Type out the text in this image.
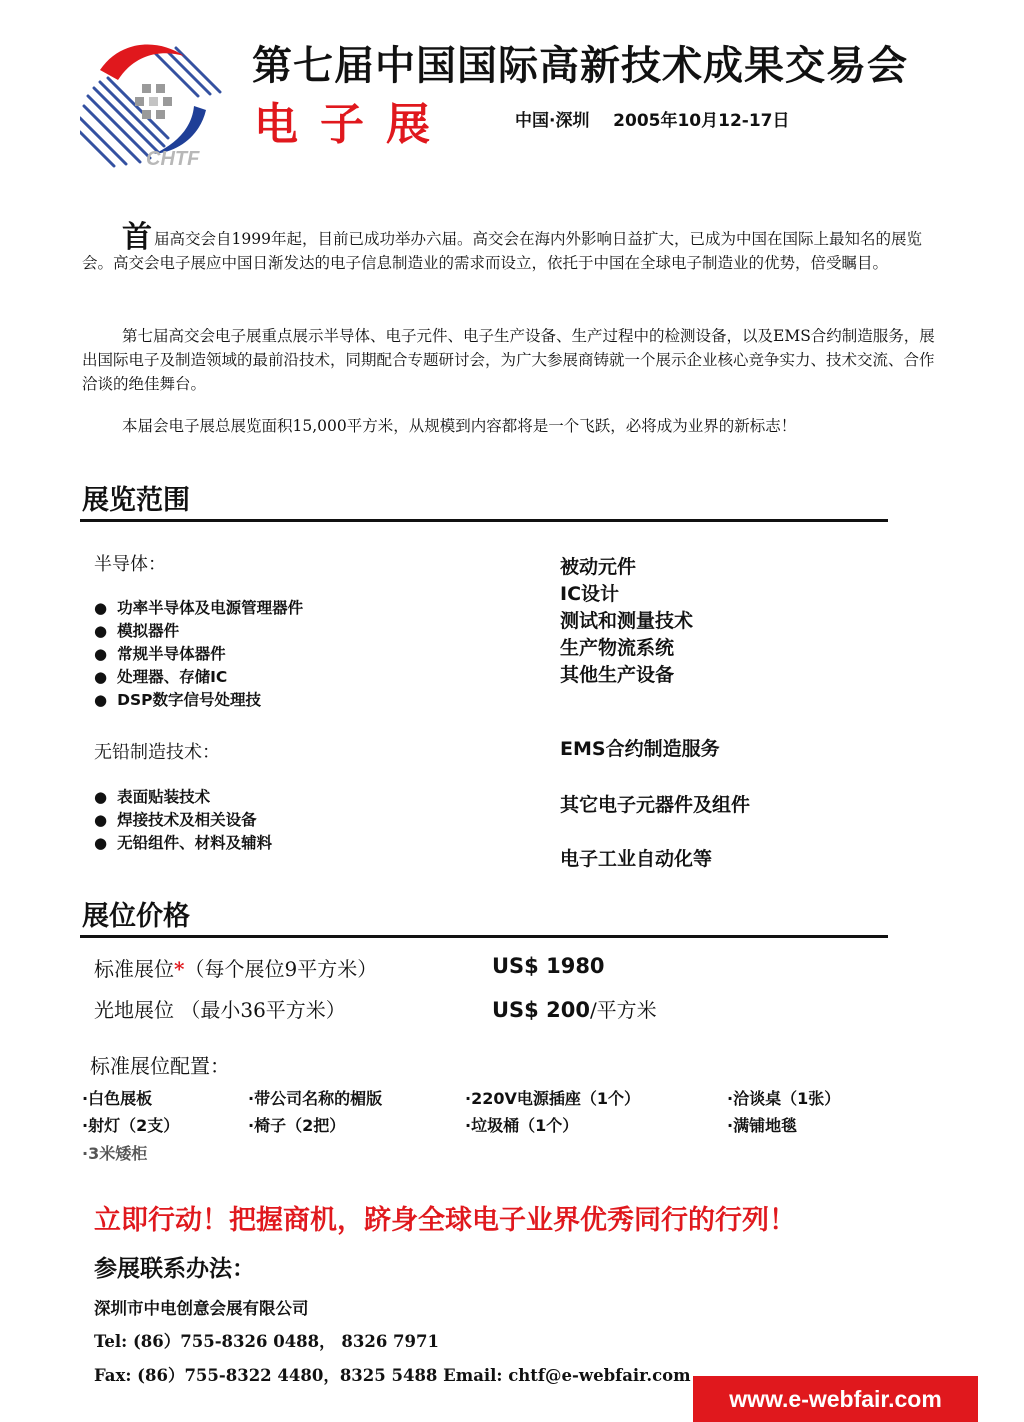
CHTF
第七届中国国际高新技术成果交易会
电子展	中国·深圳 2005年10月12-17日
首届高交会自1999年起，目前已成功举办六届。高交会在海内外影响日益扩大，已成为中国在国际上最知名的展览会。高交会电子展应中国日渐发达的电子信息制造业的需求而设立，依托于中国在全球电子制造业的优势，倍受瞩目。
第七届高交会电子展重点展示半导体、电子元件、电子生产设备、生产过程中的检测设备，以及EMS合约制造服务，展出国际电子及制造领域的最前沿技术，同期配合专题研讨会，为广大参展商铸就一个展示企业核心竞争实力、技术交流、合作洽谈的绝佳舞台。
本届会电子展总展览面积15,000平方米，从规模到内容都将是一个飞跃，必将成为业界的新标志！
展览范围
半导体：
● 功率半导体及电源管理器件
● 模拟器件
● 常规半导体器件
● 处理器、存储IC
● DSP数字信号处理技
无铅制造技术：
● 表面贴装技术
● 焊接技术及相关设备
● 无铅组件、材料及辅料
被动元件
IC设计
测试和测量技术
生产物流系统
其他生产设备
EMS合约制造服务
其它电子元器件及组件
电子工业自动化等
展位价格
标准展位*（每个展位9平方米）	US$ 1980
光地展位 （最小36平方米）	US$ 200/平方米
标准展位配置：
· 白色展板	· 带公司名称的楣版	· 220V电源插座（1个）	· 洽谈桌（1张）
· 射灯（2支）	· 椅子（2把）	· 垃圾桶（1个）	· 满铺地毯
· 3米矮柜
立即行动！把握商机，跻身全球电子业界优秀同行的行列！
参展联系办法：
深圳市中电创意会展有限公司
Tel: (86）755-8326 0488， 8326 7971
Fax: (86）755-8322 4480，8325 5488 Email: chtf@e-webfair.com
www.e-webfair.com
